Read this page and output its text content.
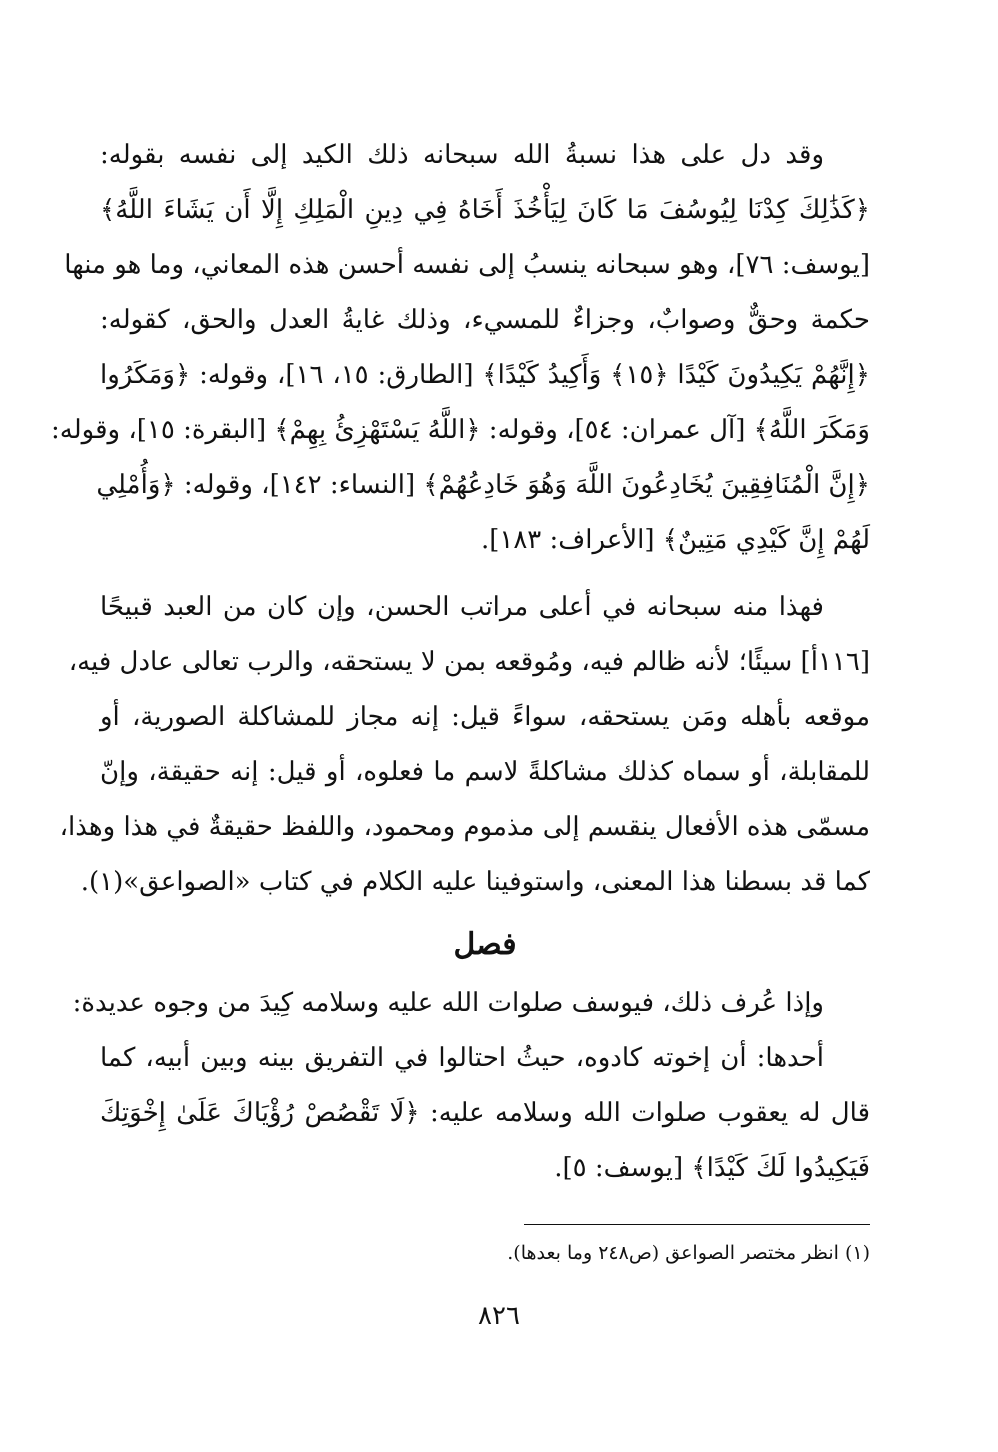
وقد دل على هذا نسبةُ الله سبحانه ذلك الكيد إلى نفسه بقوله:
﴿كَذَٰلِكَ كِدْنَا لِيُوسُفَ مَا كَانَ لِيَأْخُذَ أَخَاهُ فِي دِينِ الْمَلِكِ إِلَّا أَن يَشَاءَ اللَّهُ﴾
[يوسف: ٧٦]، وهو سبحانه ينسبُ إلى نفسه أحسن هذه المعاني، وما هو منها
حكمة وحقٌّ وصوابٌ، وجزاءٌ للمسيء، وذلك غايةُ العدل والحق، كقوله:
﴿إِنَّهُمْ يَكِيدُونَ كَيْدًا ﴿١٥﴾ وَأَكِيدُ كَيْدًا﴾ [الطارق: ١٥، ١٦]، وقوله: ﴿وَمَكَرُوا
وَمَكَرَ اللَّهُ﴾ [آل عمران: ٥٤]، وقوله: ﴿اللَّهُ يَسْتَهْزِئُ بِهِمْ﴾ [البقرة: ١٥]، وقوله:
﴿إِنَّ الْمُنَافِقِينَ يُخَادِعُونَ اللَّهَ وَهُوَ خَادِعُهُمْ﴾ [النساء: ١٤٢]، وقوله: ﴿وَأُمْلِي
لَهُمْ إِنَّ كَيْدِي مَتِينٌ﴾ [الأعراف: ١٨٣].
فهذا منه سبحانه في أعلى مراتب الحسن، وإن كان من العبد قبيحًا
[١١٦أ] سيئًا؛ لأنه ظالم فيه، ومُوقعه بمن لا يستحقه، والرب تعالى عادل فيه،
موقعه بأهله ومَن يستحقه، سواءً قيل: إنه مجاز للمشاكلة الصورية، أو
للمقابلة، أو سماه كذلك مشاكلةً لاسم ما فعلوه، أو قيل: إنه حقيقة، وإنّ
مسمّى هذه الأفعال ينقسم إلى مذموم ومحمود، واللفظ حقيقةٌ في هذا وهذا،
كما قد بسطنا هذا المعنى، واستوفينا عليه الكلام في كتاب «الصواعق»(١).
فصل
وإذا عُرف ذلك، فيوسف صلوات الله عليه وسلامه كِيدَ من وجوه عديدة:
أحدها: أن إخوته كادوه، حيثُ احتالوا في التفريق بينه وبين أبيه، كما
قال له يعقوب صلوات الله وسلامه عليه: ﴿لَا تَقْصُصْ رُؤْيَاكَ عَلَىٰ إِخْوَتِكَ
فَيَكِيدُوا لَكَ كَيْدًا﴾ [يوسف: ٥].
(١) انظر مختصر الصواعق (ص٢٤٨ وما بعدها).
٨٢٦
